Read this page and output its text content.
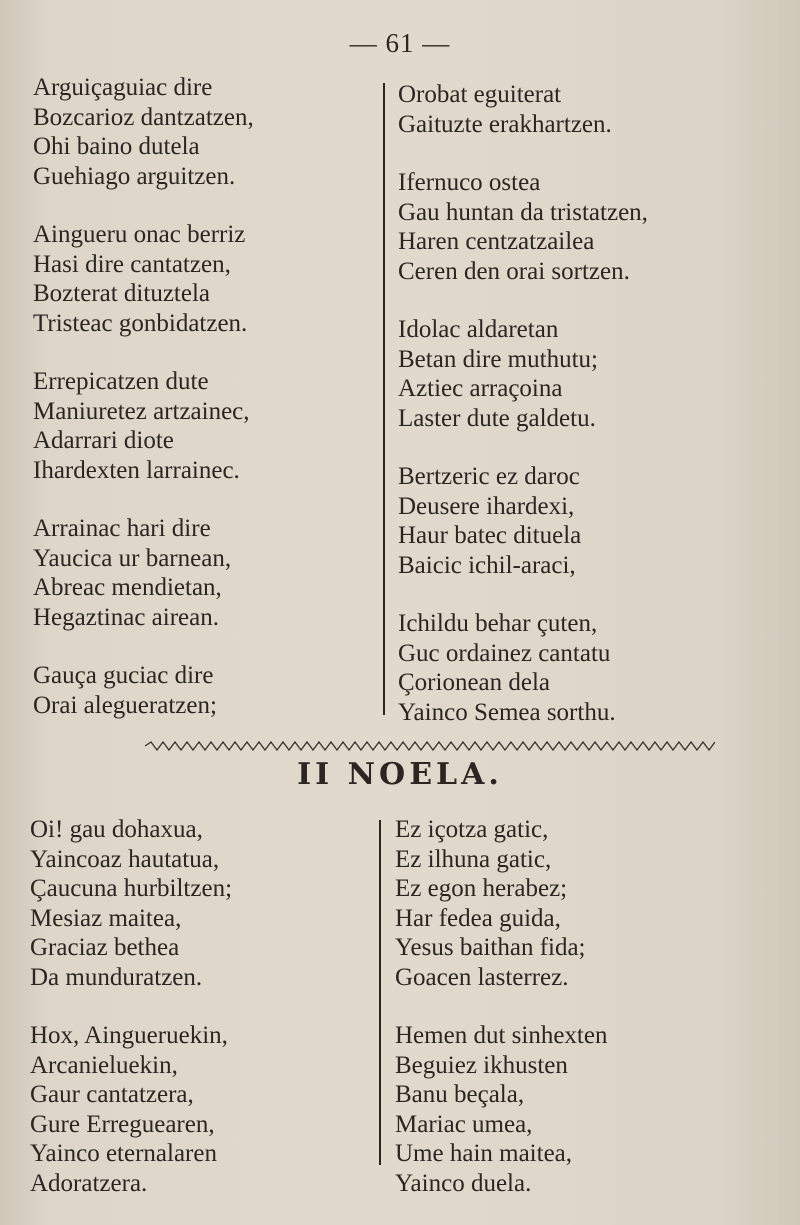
— 61 —
Arguiçaguiac dire
Bozcarioz dantzatzen,
Ohi baino dutela
Guehiago arguitzen.
Aingueru onac berriz
Hasi dire cantatzen,
Bozterat dituztela
Tristeac gonbidatzen.
Errepicatzen dute
Maniuretez artzainec,
Adarrari diote
Ihardexten larrainec.
Arrainac hari dire
Yaucica ur barnean,
Abreac mendietan,
Hegaztinac airean.
Gauça guciac dire
Orai alegueratzen;
Orobat eguiterat
Gaituzte erakhartzen.
Ifernuco ostea
Gau huntan da tristatzen,
Haren centzatzailea
Ceren den orai sortzen.
Idolac aldaretan
Betan dire muthutu;
Aztiec arraçoina
Laster dute galdetu.
Bertzeric ez daroc
Deusere ihardexi,
Haur batec dituela
Baicic ichil-araci,
Ichildu behar çuten,
Guc ordainez cantatu
Çorionean dela
Yainco Semea sorthu.
II NOELA.
Oi! gau dohaxua,
Yaincoaz hautatua,
Çaucuna hurbiltzen;
Mesiaz maitea,
Graciaz bethea
Da munduratzen.
Hox, Aingueruekin,
Arcanieluekin,
Gaur cantatzera,
Gure Erreguearen,
Yainco eternalaren
Adoratzera.
Ez içotza gatic,
Ez ilhuna gatic,
Ez egon herabez;
Har fedea guida,
Yesus baithan fida;
Goacen lasterrez.
Hemen dut sinhexten
Beguiez ikhusten
Banu beçala,
Mariac umea,
Ume hain maitea,
Yainco duela.
